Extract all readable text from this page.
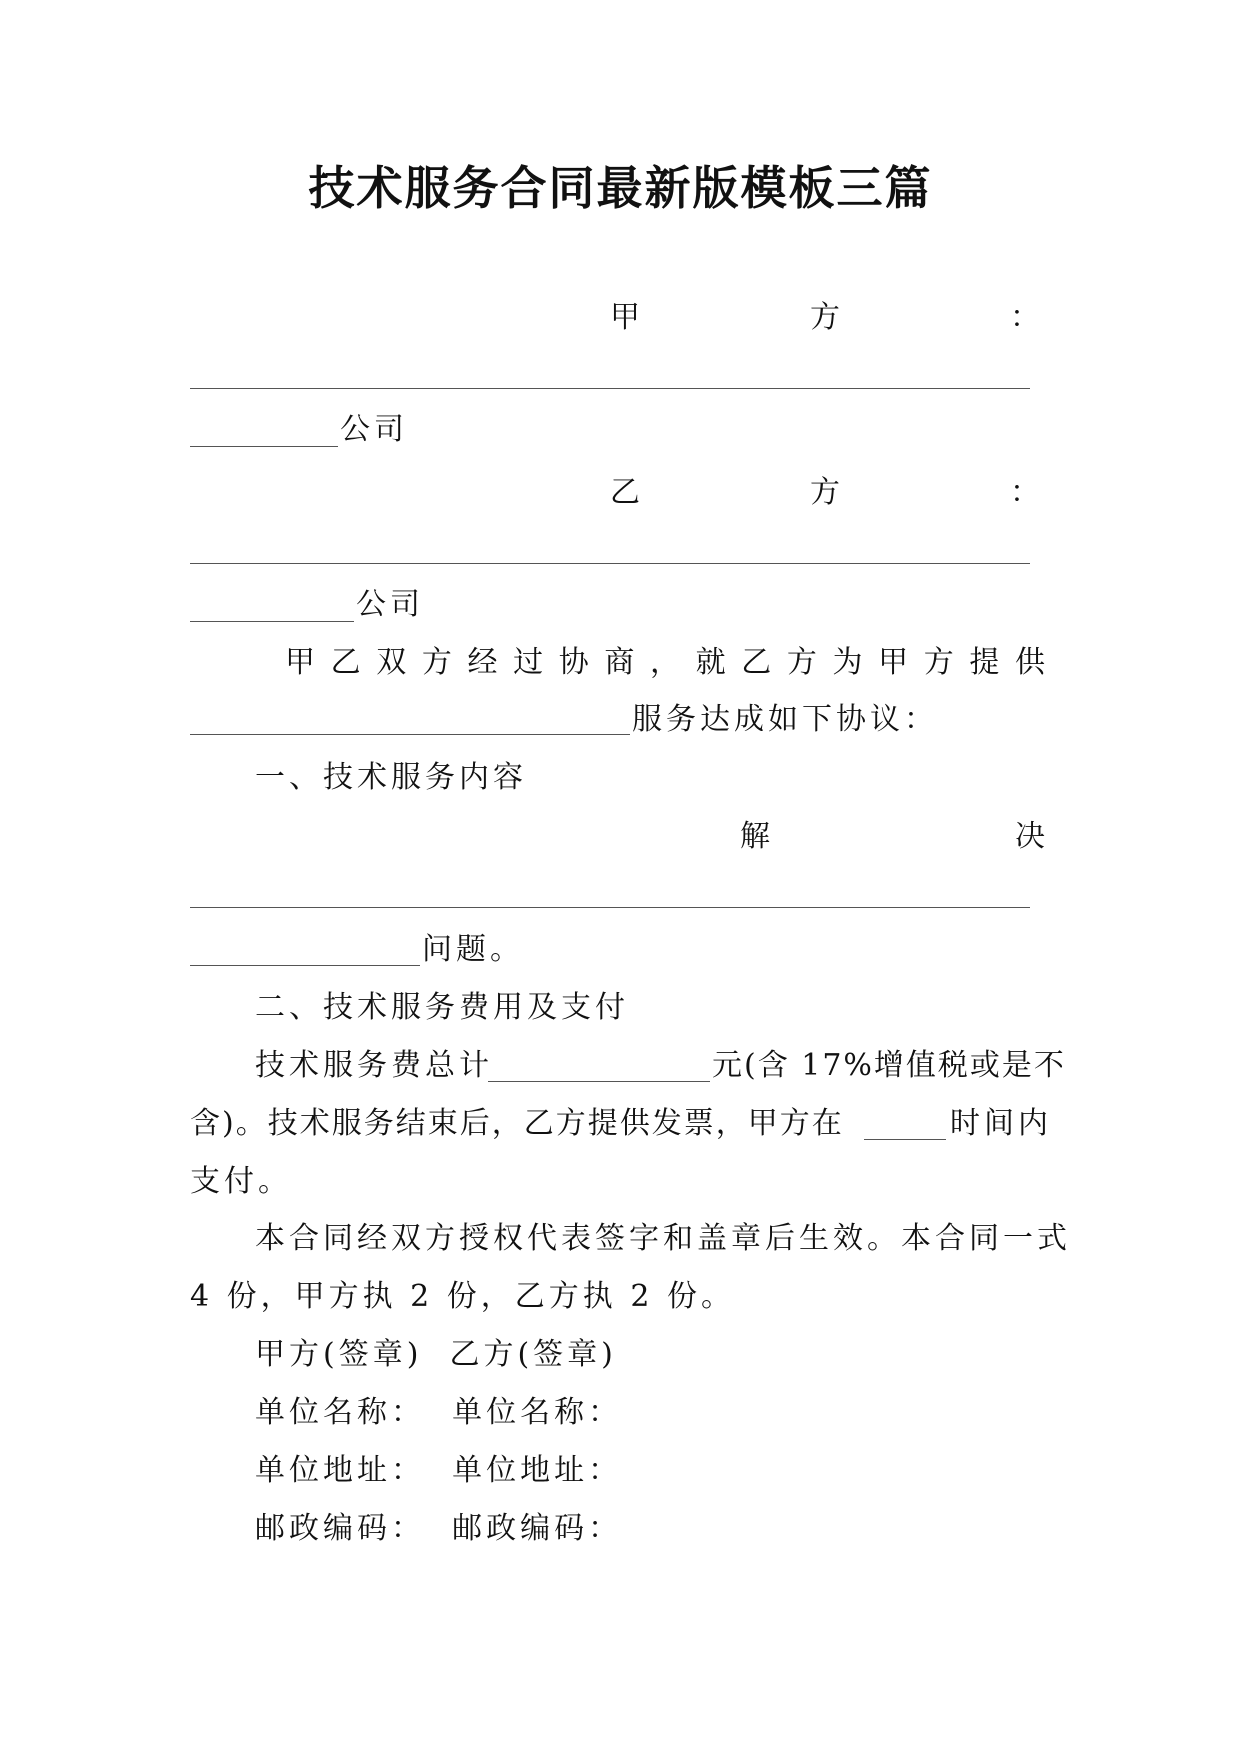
技术服务合同最新版模板三篇
甲	方	：
公司
乙	方	：
公司
甲 乙 双 方 经 过 协 商 ， 就 乙 方 为 甲 方 提 供
服务达成如下协议：
一、技术服务内容
解	决
问题。
二、技术服务费用及支付
技术服务费总计	元(含 17%增值税或是不
含)。技术服务结束后，乙方提供发票，甲方在	时间内
支付。
本合同经双方授权代表签字和盖章后生效。本合同一式
4 份，甲方执 2 份，乙方执 2 份。
甲方(签章)  乙方(签章)
单位名称：  单位名称：
单位地址：  单位地址：
邮政编码：  邮政编码：
